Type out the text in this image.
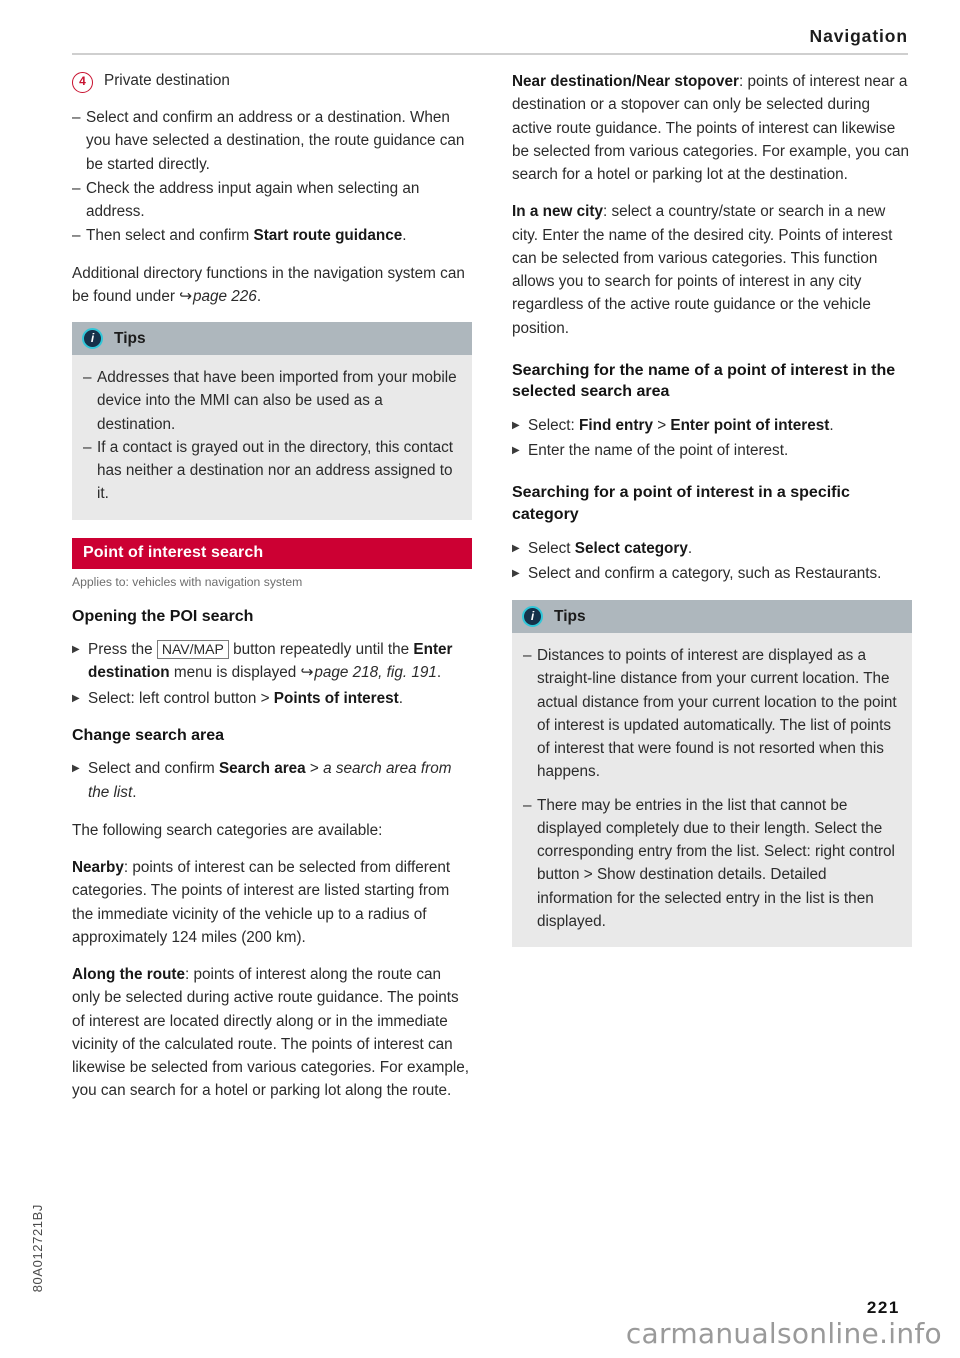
Navigation
4	Private destination
– Select and confirm an address or a destination. When you have selected a destination, the route guidance can be started directly.
– Check the address input again when selecting an address.
– Then select and confirm Start route guidance.

Additional directory functions in the navigation system can be found under ↪page 226.

i	Tips
– Addresses that have been imported from your mobile device into the MMI can also be used as a destination.
– If a contact is grayed out in the directory, this contact has neither a destination nor an address assigned to it.
Point of interest search
Applies to: vehicles with navigation system
Opening the POI search
▶ Press the NAV/MAP button repeatedly until the Enter destination menu is displayed ↪page 218, fig. 191.
▶ Select: left control button > Points of interest.
Change search area
▶ Select and confirm Search area > a search area from the list.

The following search categories are available:

Nearby: points of interest can be selected from different categories. The points of interest are listed starting from the immediate vicinity of the vehicle up to a radius of approximately 124 miles (200 km).

Along the route: points of interest along the route can only be selected during active route guidance. The points of interest are located directly along or in the immediate vicinity of the calculated route. The points of interest can likewise be selected from various categories. For example, you can search for a hotel or parking lot along the route.

Near destination/Near stopover: points of interest near a destination or a stopover can only be selected during active route guidance. The points of interest can likewise be selected from various categories. For example, you can search for a hotel or parking lot at the destination.

In a new city: select a country/state or search in a new city. Enter the name of the desired city. Points of interest can be selected from various categories. This function allows you to search for points of interest in any city regardless of the active route guidance or the vehicle position.

Searching for the name of a point of interest in the selected search area
▶ Select: Find entry > Enter point of interest.
▶ Enter the name of the point of interest.
Searching for a point of interest in a specific category
▶ Select Select category.
▶ Select and confirm a category, such as Restaurants.
i	Tips
– Distances to points of interest are displayed as a straight-line distance from your current location. The actual distance from your current location to the point of interest is updated automatically. The list of points of interest that were found is not resorted when this happens.
– There may be entries in the list that cannot be displayed completely due to their length. Select the corresponding entry from the list. Select: right control button > Show destination details. Detailed information for the selected entry in the list is then displayed.
80A012721BJ
221
carmanualsonline.info
